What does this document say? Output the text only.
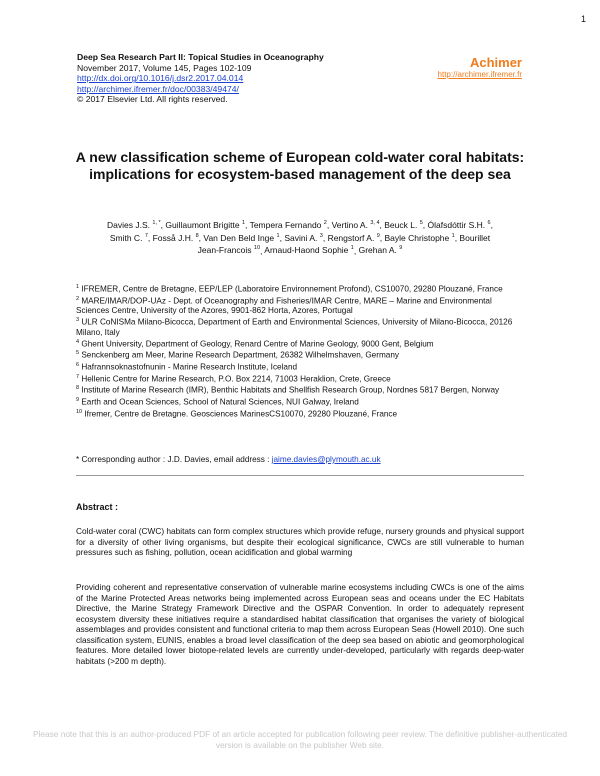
1
Deep Sea Research Part II: Topical Studies in Oceanography
November 2017, Volume 145, Pages 102-109
http://dx.doi.org/10.1016/j.dsr2.2017.04.014
http://archimer.ifremer.fr/doc/00383/49474/
© 2017 Elsevier Ltd. All rights reserved.
Achimer
http://archimer.ifremer.fr
A new classification scheme of European cold-water coral habitats: implications for ecosystem-based management of the deep sea
Davies J.S. $^{1, *}$, Guillaumont Brigitte $^1$, Tempera Fernando $^2$, Vertino A. $^{3, 4}$, Beuck L. $^5$, Ólafsdóttir S.H. $^6$, Smith C. $^7$, Fosså J.H. $^8$, Van Den Beld Inge $^1$, Savini A. $^3$, Rengstorf A. $^9$, Bayle Christophe $^1$, Bourillet Jean-Francois $^{10}$, Arnaud-Haond Sophie $^1$, Grehan A. $^9$

$^1$ IFREMER, Centre de Bretagne, EEP/LEP (Laboratoire Environnement Profond), CS10070, 29280 Plouzané, France

$^2$ MARE/IMAR/DOP-UAz - Dept. of Oceanography and Fisheries/IMAR Centre, MARE – Marine and Environmental Sciences Centre, University of the Azores, 9901-862 Horta, Azores, Portugal

$^3$ ULR CoNISMa Milano-Bicocca, Department of Earth and Environmental Sciences, University of Milano-Bicocca, 20126 Milano, Italy

$^4$ Ghent University, Department of Geology, Renard Centre of Marine Geology, 9000 Gent, Belgium

$^5$ Senckenberg am Meer, Marine Research Department, 26382 Wilhelmshaven, Germany

$^6$ Hafrannsoknastofnunin - Marine Research Institute, Iceland

$^7$ Hellenic Centre for Marine Research, P.O. Box 2214, 71003 Heraklion, Crete, Greece

$^8$ Institute of Marine Research (IMR), Benthic Habitats and Shellfish Research Group, Nordnes 5817 Bergen, Norway

$^9$ Earth and Ocean Sciences, School of Natural Sciences, NUI Galway, Ireland

$^{10}$ Ifremer, Centre de Bretagne. Geosciences MarinesCS10070, 29280 Plouzané, France

* Corresponding author : J.D. Davies, email address : jaime.davies@plymouth.ac.uk
Abstract :

Cold-water coral (CWC) habitats can form complex structures which provide refuge, nursery grounds and physical support for a diversity of other living organisms, but despite their ecological significance, CWCs are still vulnerable to human pressures such as fishing, pollution, ocean acidification and global warming

Providing coherent and representative conservation of vulnerable marine ecosystems including CWCs is one of the aims of the Marine Protected Areas networks being implemented across European seas and oceans under the EC Habitats Directive, the Marine Strategy Framework Directive and the OSPAR Convention. In order to adequately represent ecosystem diversity these initiatives require a standardised habitat classification that organises the variety of biological assemblages and provides consistent and functional criteria to map them across European Seas (Howell 2010). One such classification system, EUNIS, enables a broad level classification of the deep sea based on abiotic and geomorphological features. More detailed lower biotope-related levels are currently under-developed, particularly with regards deep-water habitats (>200 m depth).

Please note that this is an author-produced PDF of an article accepted for publication following peer review. The definitive publisher-authenticated version is available on the publisher Web site.
